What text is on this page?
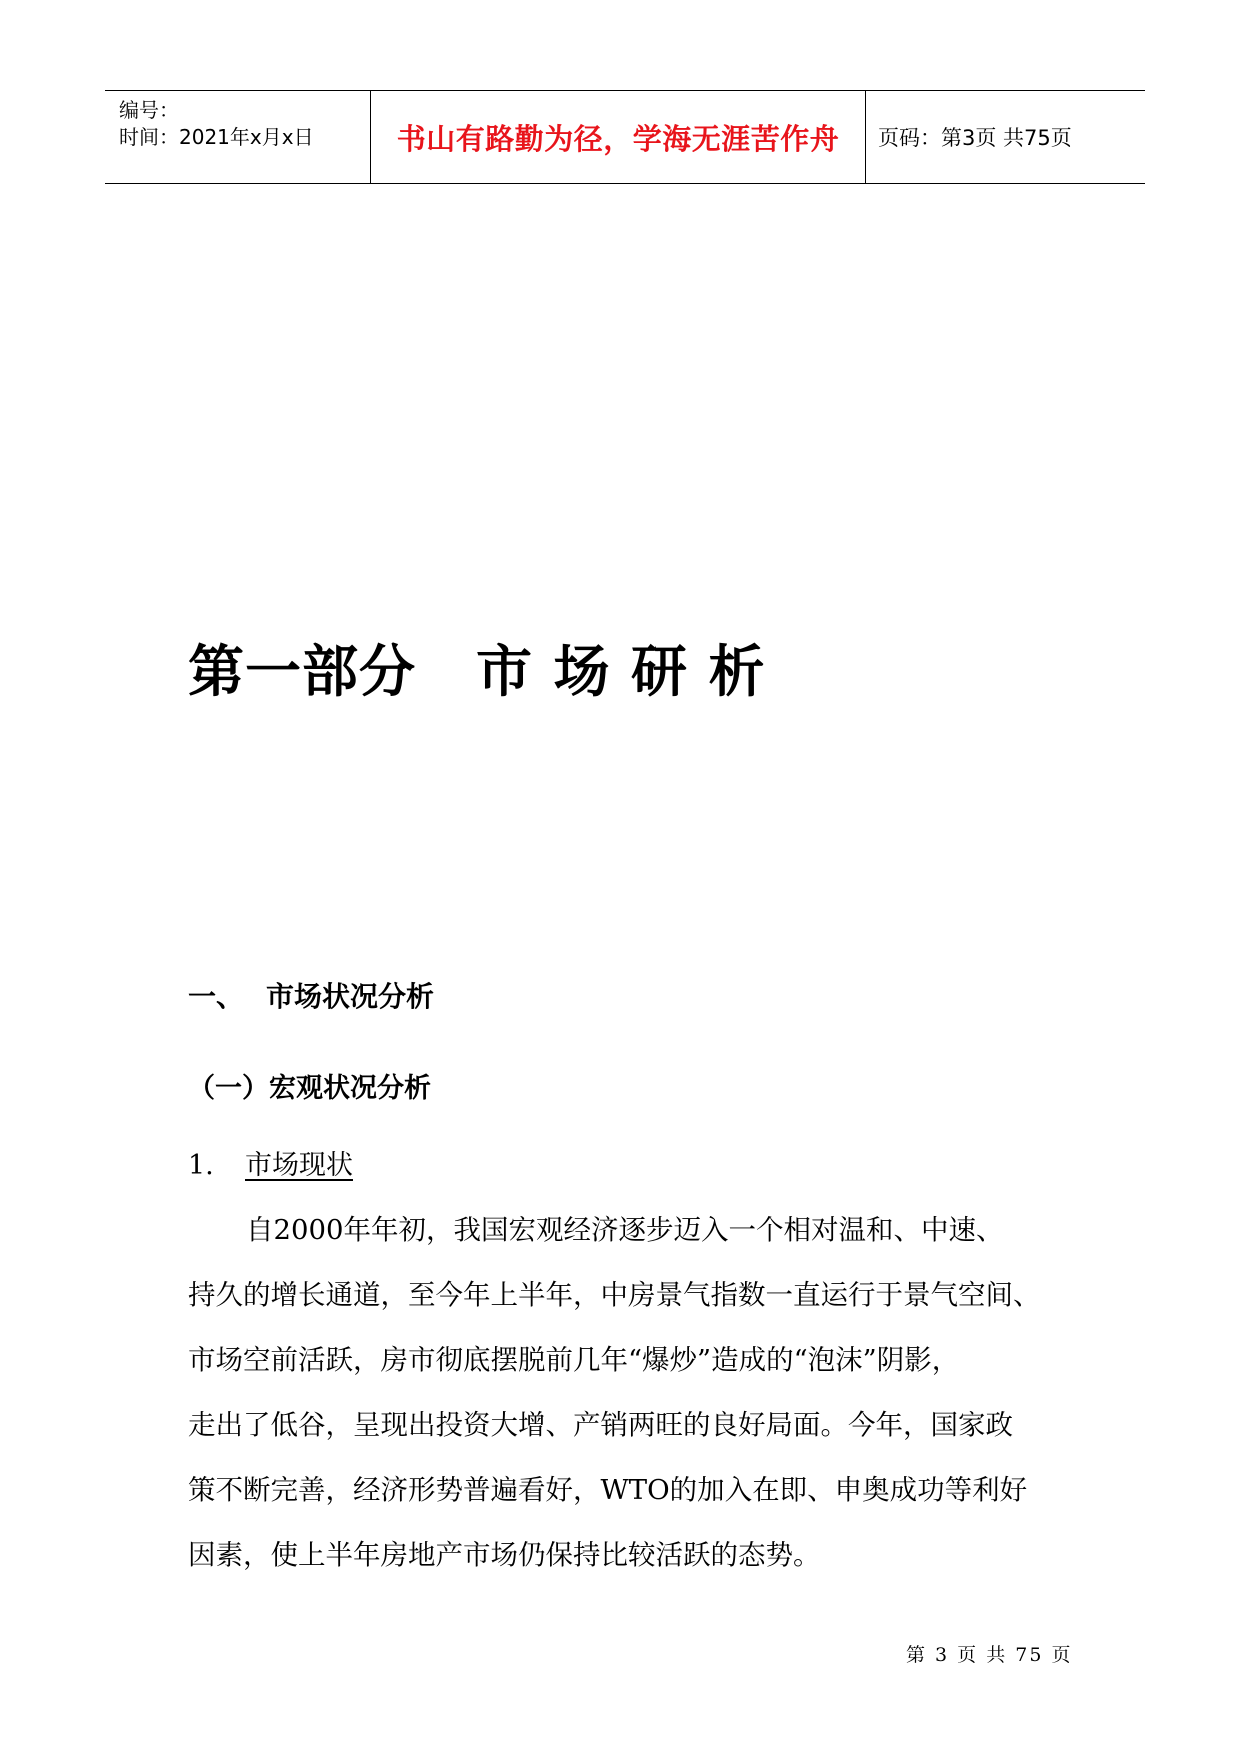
编号：
时间：2021年x月x日	书山有路勤为径，学海无涯苦作舟 页码：第3页 共75页
第一部分 市 场 研 析
一、 市场状况分析
（一）宏观状况分析
1. 市场现状
自2000年年初，我国宏观经济逐步迈入一个相对温和、中速、
持久的增长通道，至今年上半年，中房景气指数一直运行于景气空间、
市场空前活跃，房市彻底摆脱前几年“爆炒”造成的“泡沫”阴影，
走出了低谷，呈现出投资大增、产销两旺的良好局面。今年，国家政
策不断完善，经济形势普遍看好，WTO的加入在即、申奥成功等利好
因素，使上半年房地产市场仍保持比较活跃的态势。
第 3 页 共 75 页
